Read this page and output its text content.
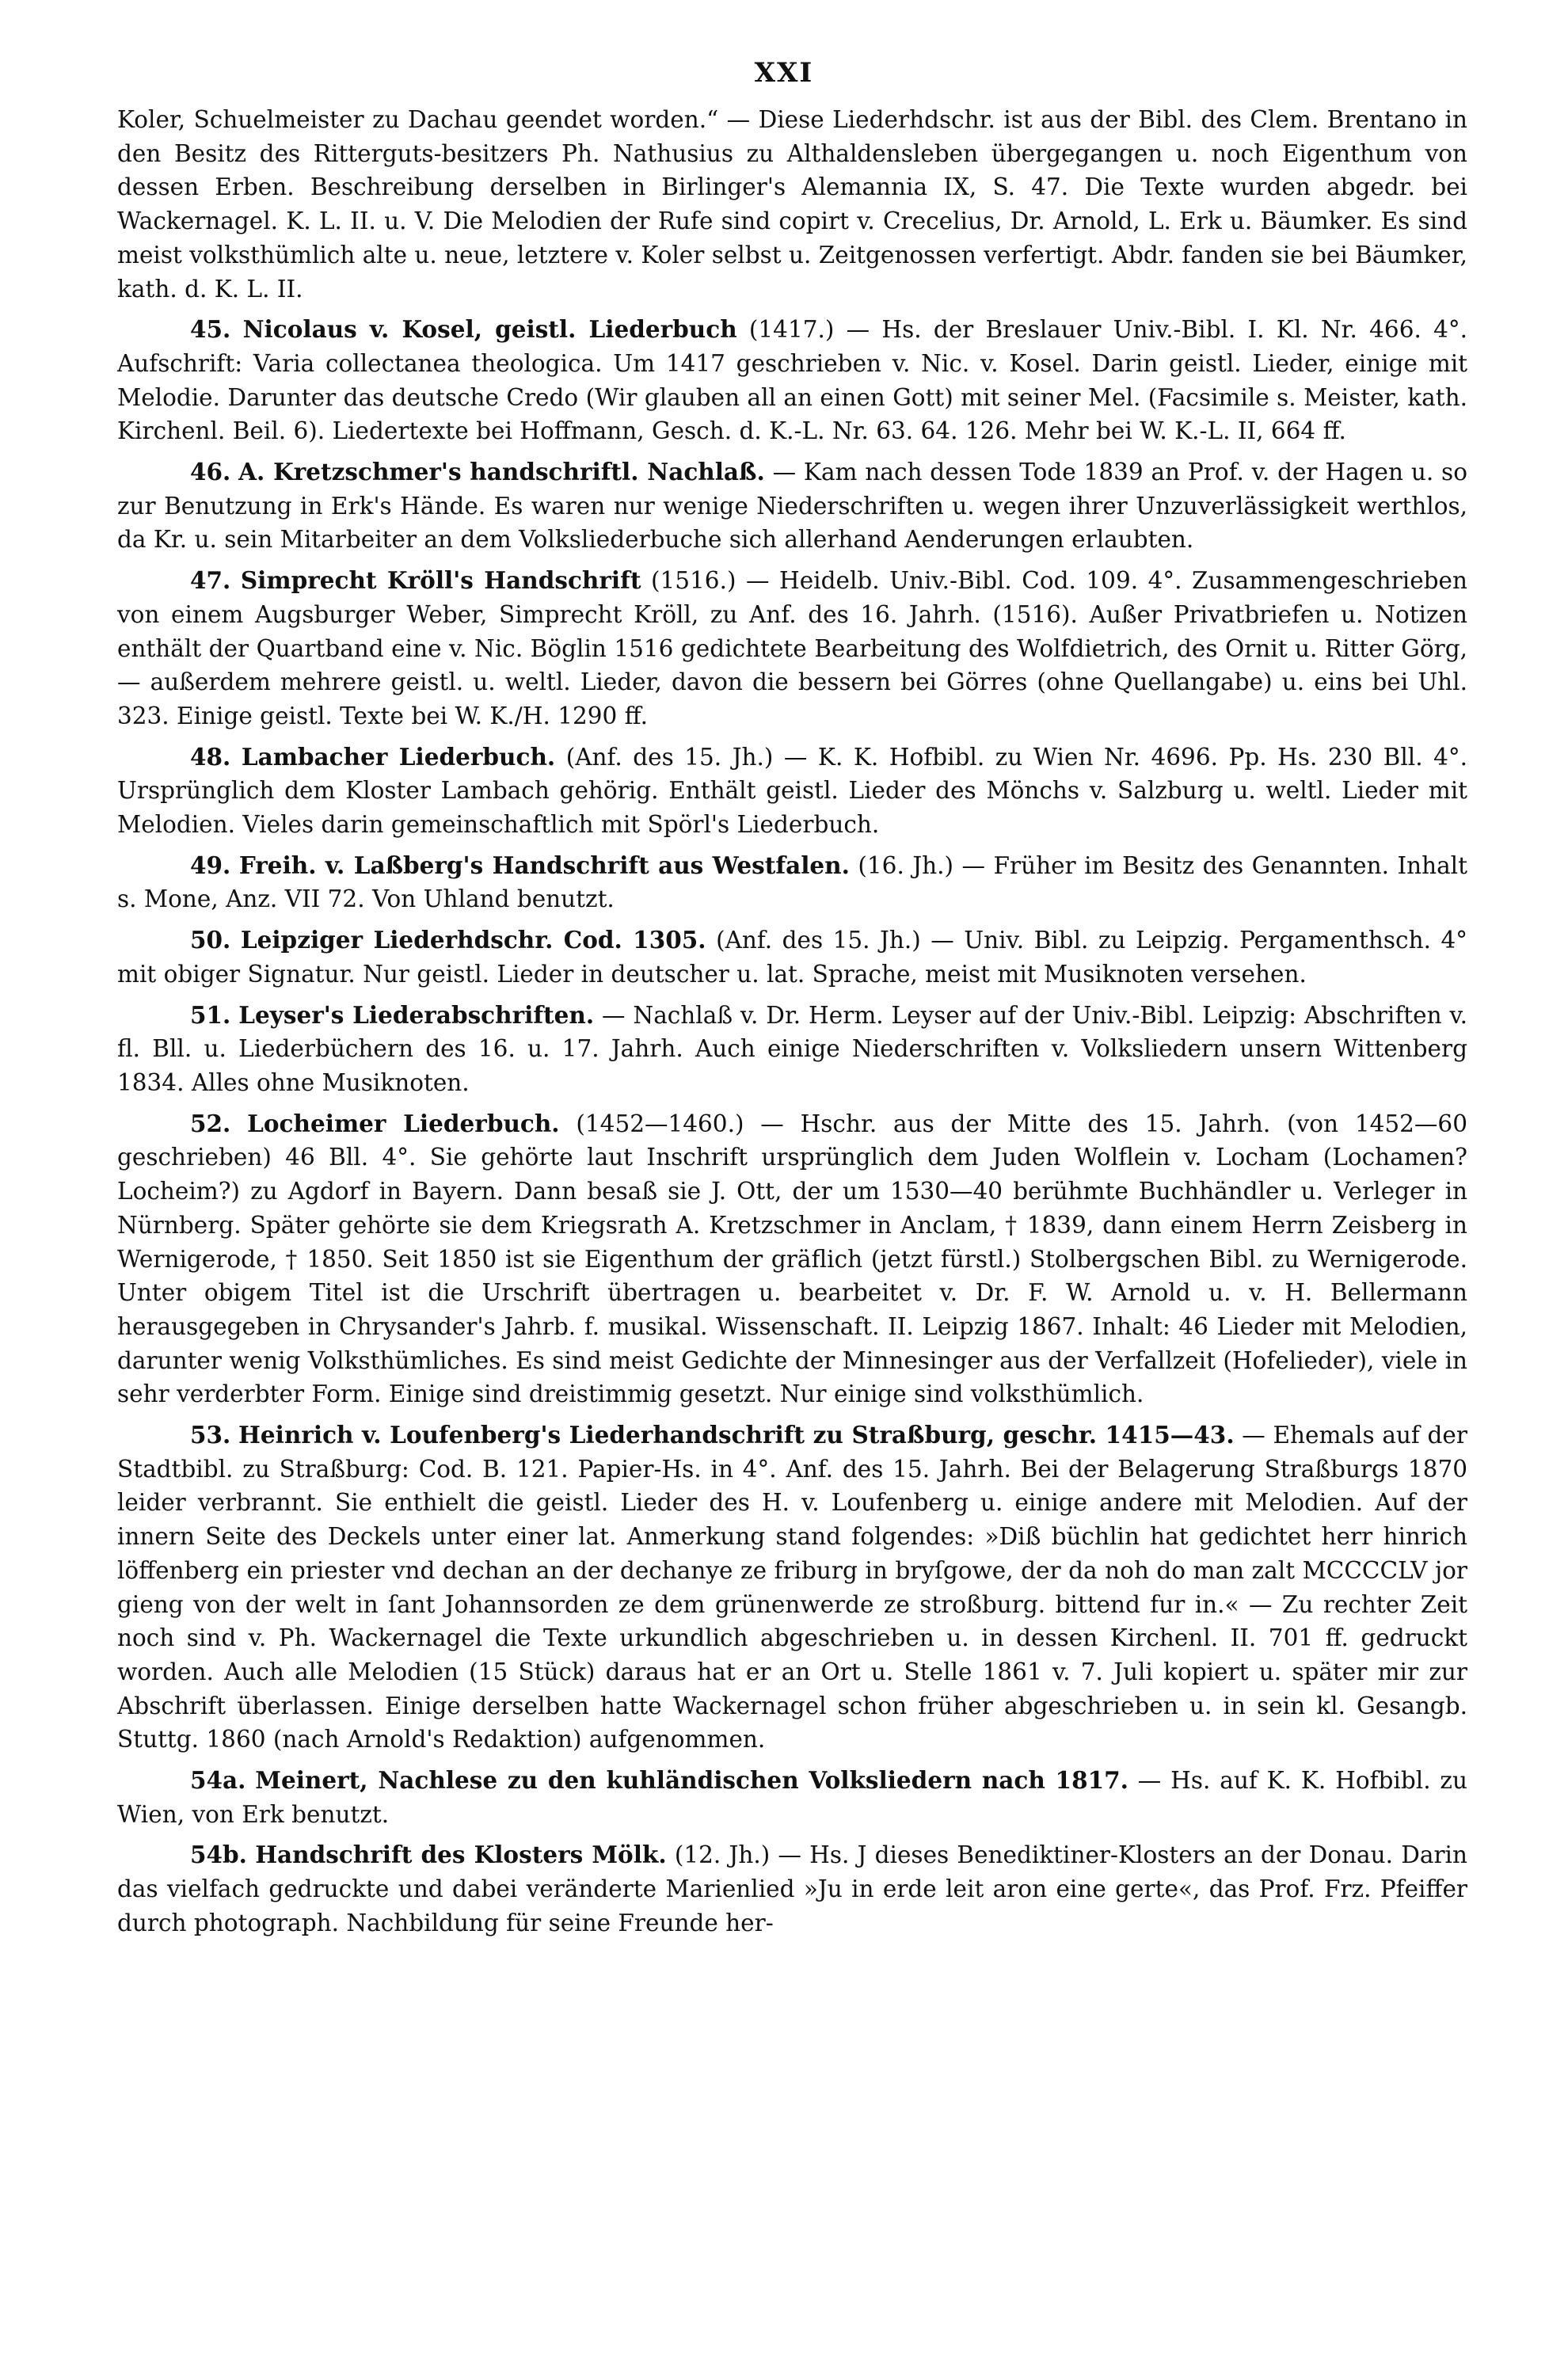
XXI

Koler, Schuelmeister zu Dachau geendet worden.“ — Diese Liederhdschr. ist aus der Bibl. des Clem. Brentano in den Besitz des Ritterguts-besitzers Ph. Nathusius zu Althaldensleben übergegangen u. noch Eigenthum von dessen Erben. Beschreibung derselben in Birlinger's Alemannia IX, S. 47. Die Texte wurden abgedr. bei Wackernagel. K. L. II. u. V. Die Melodien der Rufe sind copirt v. Crecelius, Dr. Arnold, L. Erk u. Bäumker. Es sind meist volksthümlich alte u. neue, letztere v. Koler selbst u. Zeitgenossen verfertigt. Abdr. fanden sie bei Bäumker, kath. d. K. L. II.

45. Nicolaus v. Kosel, geistl. Liederbuch (1417.) — Hs. der Breslauer Univ.-Bibl. I. Kl. Nr. 466. 4°. Aufschrift: Varia collectanea theologica. Um 1417 geschrieben v. Nic. v. Kosel. Darin geistl. Lieder, einige mit Melodie. Darunter das deutsche Credo (Wir glauben all an einen Gott) mit seiner Mel. (Facsimile s. Meister, kath. Kirchenl. Beil. 6). Liedertexte bei Hoffmann, Gesch. d. K.-L. Nr. 63. 64. 126. Mehr bei W. K.-L. II, 664 ff.

46. A. Kretzschmer's handschriftl. Nachlaß. — Kam nach dessen Tode 1839 an Prof. v. der Hagen u. so zur Benutzung in Erk's Hände. Es waren nur wenige Niederschriften u. wegen ihrer Unzuverlässigkeit werthlos, da Kr. u. sein Mitarbeiter an dem Volksliederbuche sich allerhand Aenderungen erlaubten.

47. Simprecht Kröll's Handschrift (1516.) — Heidelb. Univ.-Bibl. Cod. 109. 4°. Zusammengeschrieben von einem Augsburger Weber, Simprecht Kröll, zu Anf. des 16. Jahrh. (1516). Außer Privatbriefen u. Notizen enthält der Quartband eine v. Nic. Böglin 1516 gedichtete Bearbeitung des Wolfdietrich, des Ornit u. Ritter Görg, — außerdem mehrere geistl. u. weltl. Lieder, davon die bessern bei Görres (ohne Quellangabe) u. eins bei Uhl. 323. Einige geistl. Texte bei W. K./H. 1290 ff.

48. Lambacher Liederbuch. (Anf. des 15. Jh.) — K. K. Hofbibl. zu Wien Nr. 4696. Pp. Hs. 230 Bll. 4°. Ursprünglich dem Kloster Lambach gehörig. Enthält geistl. Lieder des Mönchs v. Salzburg u. weltl. Lieder mit Melodien. Vieles darin gemeinschaftlich mit Spörl's Liederbuch.

49. Freih. v. Laßberg's Handschrift aus Westfalen. (16. Jh.) — Früher im Besitz des Genannten. Inhalt s. Mone, Anz. VII 72. Von Uhland benutzt.

50. Leipziger Liederhdschr. Cod. 1305. (Anf. des 15. Jh.) — Univ. Bibl. zu Leipzig. Pergamenthsch. 4° mit obiger Signatur. Nur geistl. Lieder in deutscher u. lat. Sprache, meist mit Musiknoten versehen.

51. Leyser's Liederabschriften. — Nachlaß v. Dr. Herm. Leyser auf der Univ.-Bibl. Leipzig: Abschriften v. fl. Bll. u. Liederbüchern des 16. u. 17. Jahrh. Auch einige Niederschriften v. Volksliedern unsern Wittenberg 1834. Alles ohne Musiknoten.

52. Locheimer Liederbuch. (1452—1460.) — Hschr. aus der Mitte des 15. Jahrh. (von 1452—60 geschrieben) 46 Bll. 4°. Sie gehörte laut Inschrift ursprünglich dem Juden Wolflein v. Locham (Lochamen? Locheim?) zu Agdorf in Bayern. Dann besaß sie J. Ott, der um 1530—40 berühmte Buchhändler u. Verleger in Nürnberg. Später gehörte sie dem Kriegsrath A. Kretzschmer in Anclam, † 1839, dann einem Herrn Zeisberg in Wernigerode, † 1850. Seit 1850 ist sie Eigenthum der gräflich (jetzt fürstl.) Stolbergschen Bibl. zu Wernigerode. Unter obigem Titel ist die Urschrift übertragen u. bearbeitet v. Dr. F. W. Arnold u. v. H. Bellermann herausgegeben in Chrysander's Jahrb. f. musikal. Wissenschaft. II. Leipzig 1867. Inhalt: 46 Lieder mit Melodien, darunter wenig Volksthümliches. Es sind meist Gedichte der Minnesinger aus der Verfallzeit (Hofelieder), viele in sehr verderbter Form. Einige sind dreistimmig gesetzt. Nur einige sind volksthümlich.

53. Heinrich v. Loufenberg's Liederhandschrift zu Straßburg, geschr. 1415—43. — Ehemals auf der Stadtbibl. zu Straßburg: Cod. B. 121. Papier-Hs. in 4°. Anf. des 15. Jahrh. Bei der Belagerung Straßburgs 1870 leider verbrannt. Sie enthielt die geistl. Lieder des H. v. Loufenberg u. einige andere mit Melodien. Auf der innern Seite des Deckels unter einer lat. Anmerkung stand folgendes: »Diß büchlin hat gedichtet herr hinrich löffenberg ein priester vnd dechan an der dechanye ze friburg in bryſgowe, der da noh do man zalt MCCCCLV jor gieng von der welt in ſant Johannsorden ze dem grünenwerde ze stroßburg. bittend fur in.« — Zu rechter Zeit noch sind v. Ph. Wackernagel die Texte urkundlich abgeschrieben u. in dessen Kirchenl. II. 701 ff. gedruckt worden. Auch alle Melodien (15 Stück) daraus hat er an Ort u. Stelle 1861 v. 7. Juli kopiert u. später mir zur Abschrift überlassen. Einige derselben hatte Wackernagel schon früher abgeschrieben u. in sein kl. Gesangb. Stuttg. 1860 (nach Arnold's Redaktion) aufgenommen.

54a. Meinert, Nachlese zu den kuhländischen Volksliedern nach 1817. — Hs. auf K. K. Hofbibl. zu Wien, von Erk benutzt.

54b. Handschrift des Klosters Mölk. (12. Jh.) — Hs. J dieses Benediktiner-Klosters an der Donau. Darin das vielfach gedruckte und dabei veränderte Marienlied »Ju in erde leit aron eine gerte«, das Prof. Frz. Pfeiffer durch photograph. Nachbildung für seine Freunde her-
